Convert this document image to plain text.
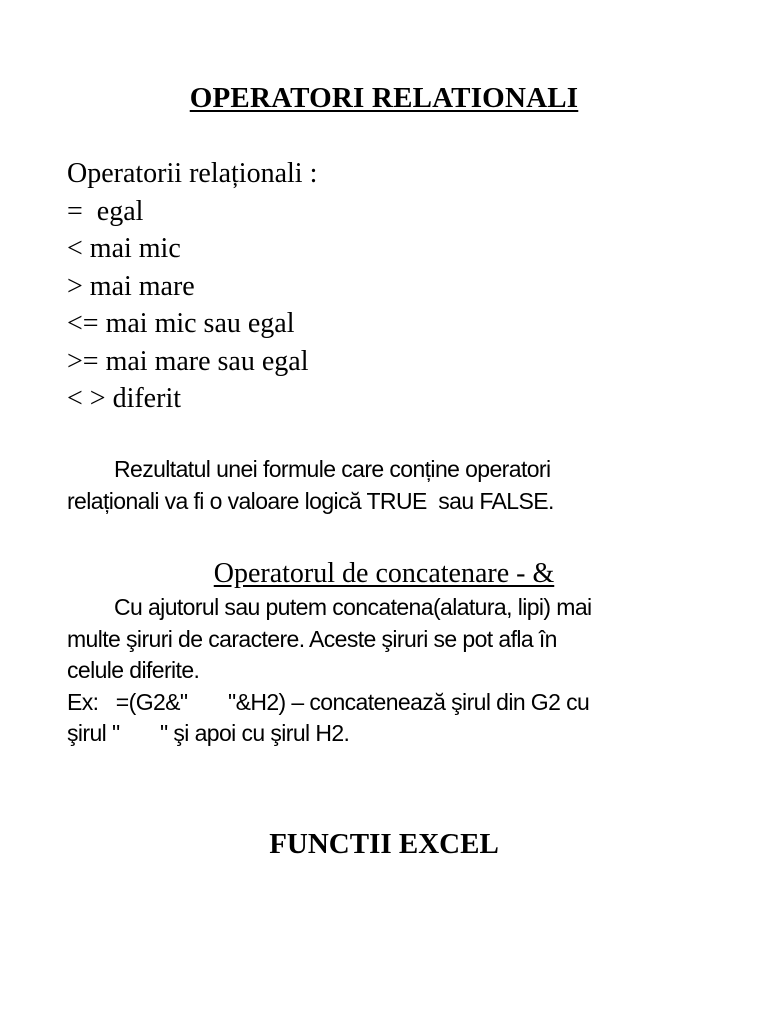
OPERATORI RELATIONALI
Operatorii relaționali :
=  egal
< mai mic
> mai mare
<= mai mic sau egal
>= mai mare sau egal
< > diferit
Rezultatul unei formule care conține operatori
relaționali va fi o valoare logică TRUE  sau FALSE.
Operatorul de concatenare - &
Cu ajutorul sau putem concatena(alatura, lipi) mai
multe şiruri de caractere. Aceste şiruri se pot afla în
celule diferite.
Ex:   =(G2&"       "&H2) – concatenează şirul din G2 cu
şirul "       " şi apoi cu şirul H2.
FUNCTII EXCEL
